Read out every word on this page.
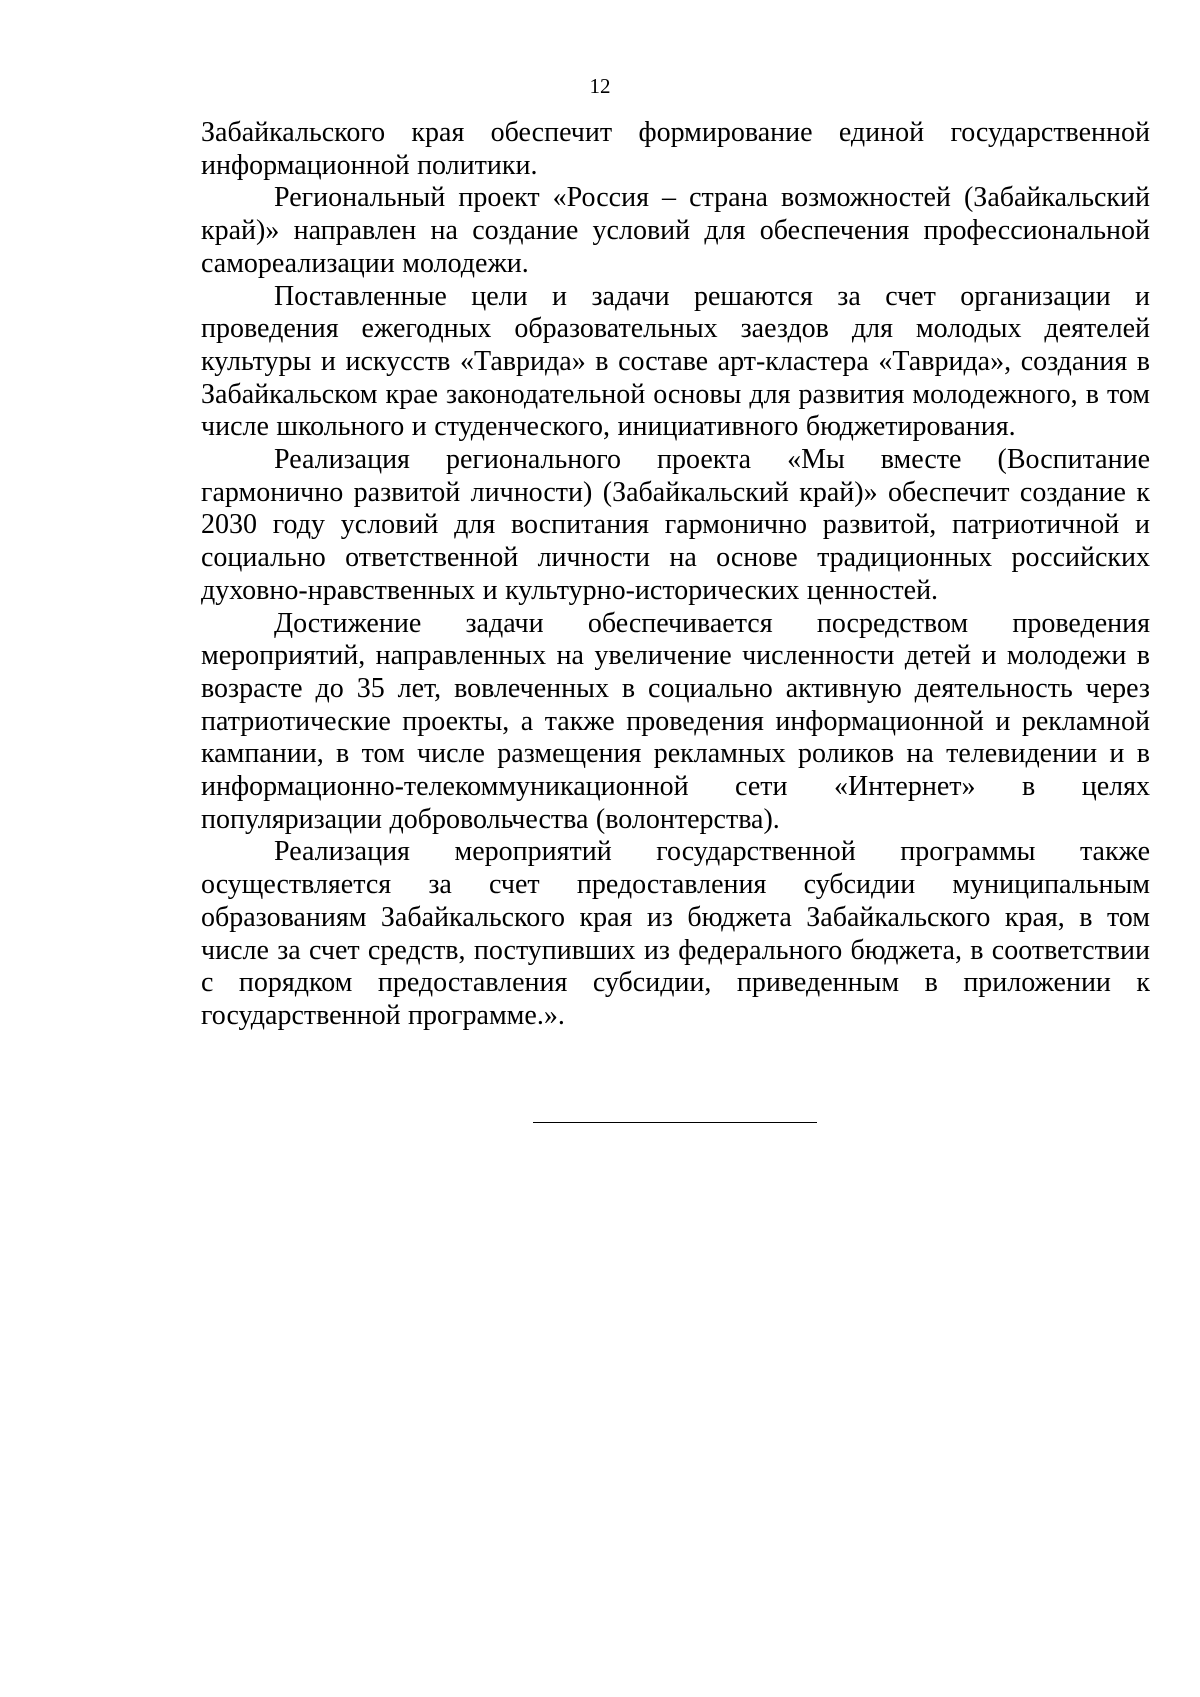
12

Забайкальского края обеспечит формирование единой государственной информационной политики.

Региональный проект «Россия – страна возможностей (Забайкальский край)» направлен на создание условий для обеспечения профессиональной самореализации молодежи.

Поставленные цели и задачи решаются за счет организации и проведения ежегодных образовательных заездов для молодых деятелей культуры и искусств «Таврида» в составе арт-кластера «Таврида», создания в Забайкальском крае законодательной основы для развития молодежного, в том числе школьного и студенческого, инициативного бюджетирования.

Реализация регионального проекта «Мы вместе (Воспитание гармонично развитой личности) (Забайкальский край)» обеспечит создание к 2030 году условий для воспитания гармонично развитой, патриотичной и социально ответственной личности на основе традиционных российских духовно-нравственных и культурно-исторических ценностей.

Достижение задачи обеспечивается посредством проведения мероприятий, направленных на увеличение численности детей и молодежи в возрасте до 35 лет, вовлеченных в социально активную деятельность через патриотические проекты, а также проведения информационной и рекламной кампании, в том числе размещения рекламных роликов на телевидении и в информационно-телекоммуникационной сети «Интернет» в целях популяризации добровольчества (волонтерства).

Реализация мероприятий государственной программы также осуществляется за счет предоставления субсидии муниципальным образованиям Забайкальского края из бюджета Забайкальского края, в том числе за счет средств, поступивших из федерального бюджета, в соответствии с порядком предоставления субсидии, приведенным в приложении к государственной программе.».
